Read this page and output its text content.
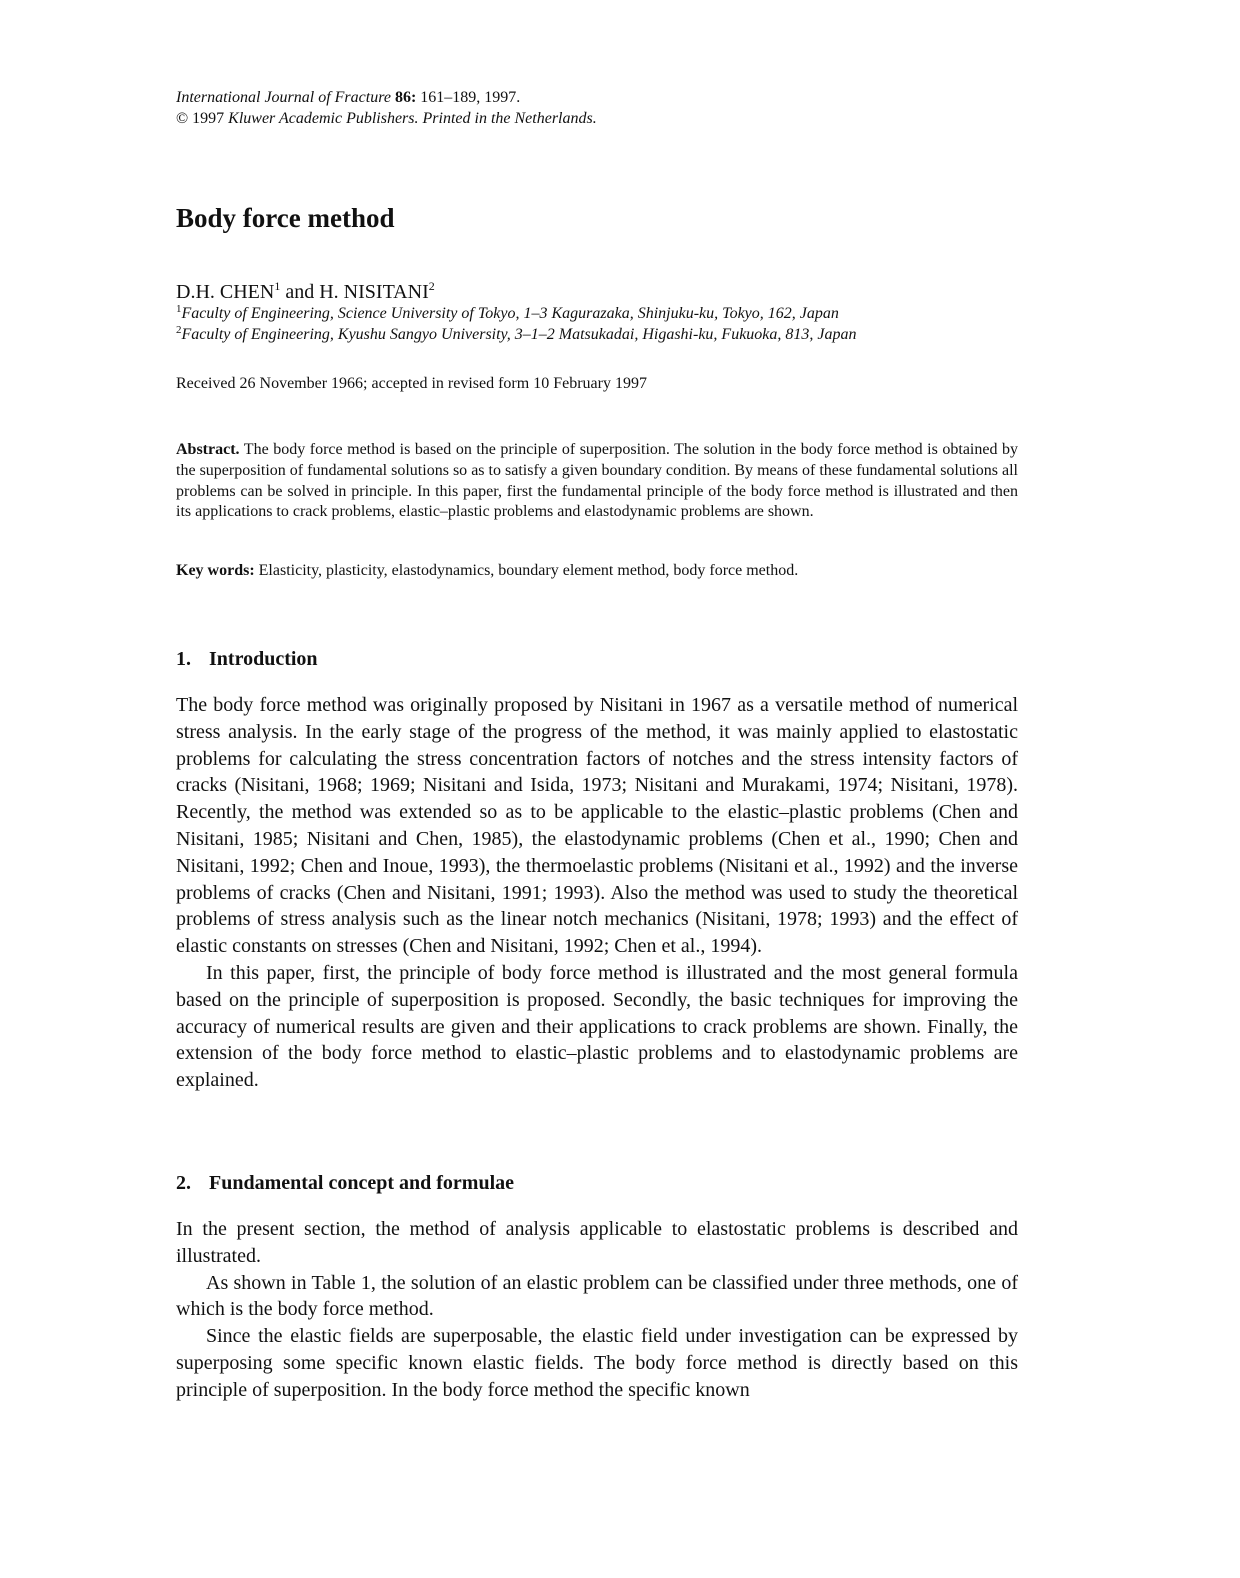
International Journal of Fracture 86: 161–189, 1997.
© 1997 Kluwer Academic Publishers. Printed in the Netherlands.
Body force method
D.H. CHEN$^1$ and H. NISITANI$^2$
$^1$Faculty of Engineering, Science University of Tokyo, 1–3 Kagurazaka, Shinjuku-ku, Tokyo, 162, Japan
$^2$Faculty of Engineering, Kyushu Sangyo University, 3–1–2 Matsukadai, Higashi-ku, Fukuoka, 813, Japan
Received 26 November 1966; accepted in revised form 10 February 1997
Abstract. The body force method is based on the principle of superposition. The solution in the body force method is obtained by the superposition of fundamental solutions so as to satisfy a given boundary condition. By means of these fundamental solutions all problems can be solved in principle. In this paper, first the fundamental principle of the body force method is illustrated and then its applications to crack problems, elastic–plastic problems and elastodynamic problems are shown.
Key words: Elasticity, plasticity, elastodynamics, boundary element method, body force method.
1. Introduction

The body force method was originally proposed by Nisitani in 1967 as a versatile method of numerical stress analysis. In the early stage of the progress of the method, it was mainly applied to elastostatic problems for calculating the stress concentration factors of notches and the stress intensity factors of cracks (Nisitani, 1968; 1969; Nisitani and Isida, 1973; Nisitani and Murakami, 1974; Nisitani, 1978). Recently, the method was extended so as to be applicable to the elastic–plastic problems (Chen and Nisitani, 1985; Nisitani and Chen, 1985), the elastodynamic problems (Chen et al., 1990; Chen and Nisitani, 1992; Chen and Inoue, 1993), the thermoelastic problems (Nisitani et al., 1992) and the inverse problems of cracks (Chen and Nisitani, 1991; 1993). Also the method was used to study the theoretical problems of stress analysis such as the linear notch mechanics (Nisitani, 1978; 1993) and the effect of elastic constants on stresses (Chen and Nisitani, 1992; Chen et al., 1994).

In this paper, first, the principle of body force method is illustrated and the most general formula based on the principle of superposition is proposed. Secondly, the basic techniques for improving the accuracy of numerical results are given and their applications to crack problems are shown. Finally, the extension of the body force method to elastic–plastic problems and to elastodynamic problems are explained.

2. Fundamental concept and formulae

In the present section, the method of analysis applicable to elastostatic problems is described and illustrated.

As shown in Table 1, the solution of an elastic problem can be classified under three methods, one of which is the body force method.

Since the elastic fields are superposable, the elastic field under investigation can be expressed by superposing some specific known elastic fields. The body force method is directly based on this principle of superposition. In the body force method the specific known
